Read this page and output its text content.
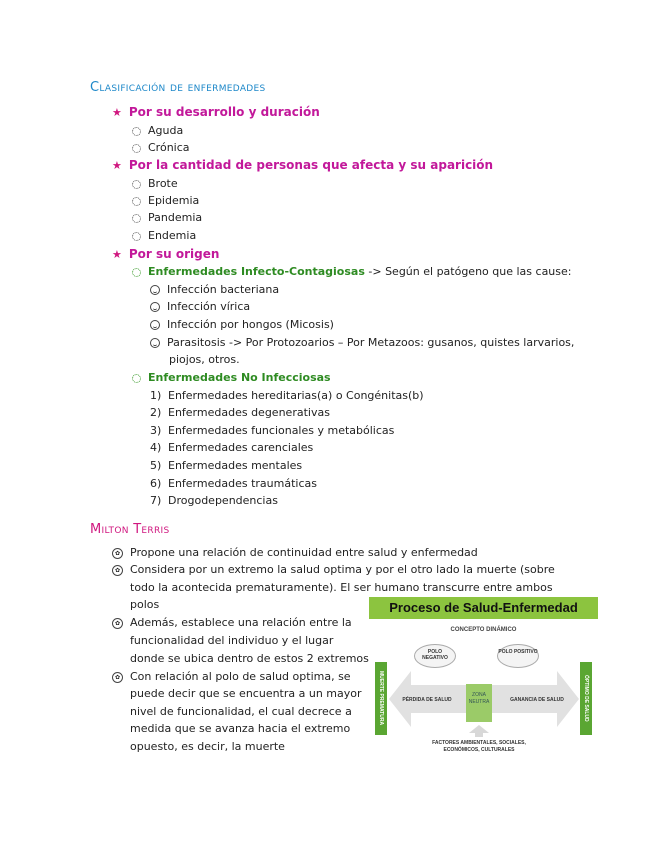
Clasificación de enfermedades
★ Por su desarrollo y duración
Aguda
Crónica
★ Por la cantidad de personas que afecta y su aparición
Brote
Epidemia
Pandemia
Endemia
★ Por su origen
Enfermedades Infecto-Contagiosas -> Según el patógeno que las cause:
Infección bacteriana
Infección vírica
Infección por hongos (Micosis)
Parasitosis -> Por Protozoarios – Por Metazoos: gusanos, quistes larvarios,
piojos, otros.
Enfermedades No Infecciosas
1) Enfermedades hereditarias(a) o Congénitas(b)
2) Enfermedades degenerativas
3) Enfermedades funcionales y metabólicas
4) Enfermedades carenciales
5) Enfermedades mentales
6) Enfermedades traumáticas
7) Drogodependencias
Milton Terris
✿ Propone una relación de continuidad entre salud y enfermedad
✿ Considera por un extremo la salud optima y por el otro lado la muerte (sobre
todo la acontecida prematuramente). El ser humano transcurre entre ambos
polos
✿ Además, establece una relación entre la
funcionalidad del individuo y el lugar
donde se ubica dentro de estos 2 extremos
✿ Con relación al polo de salud optima, se
puede decir que se encuentra a un mayor
nivel de funcionalidad, el cual decrece a
medida que se avanza hacia el extremo
opuesto, es decir, la muerte
Proceso de Salud-Enfermedad
CONCEPTO DINÁMICO
POLO NEGATIVO
POLO POSITIVO
MUERTE PREMATURA	ÓPTIMO DE SALUD
PÉRDIDA DE SALUD
ZONA NEUTRA	GANANCIA DE SALUD
FACTORES AMBIENTALES, SOCIALES, ECONÓMICOS, CULTURALES
